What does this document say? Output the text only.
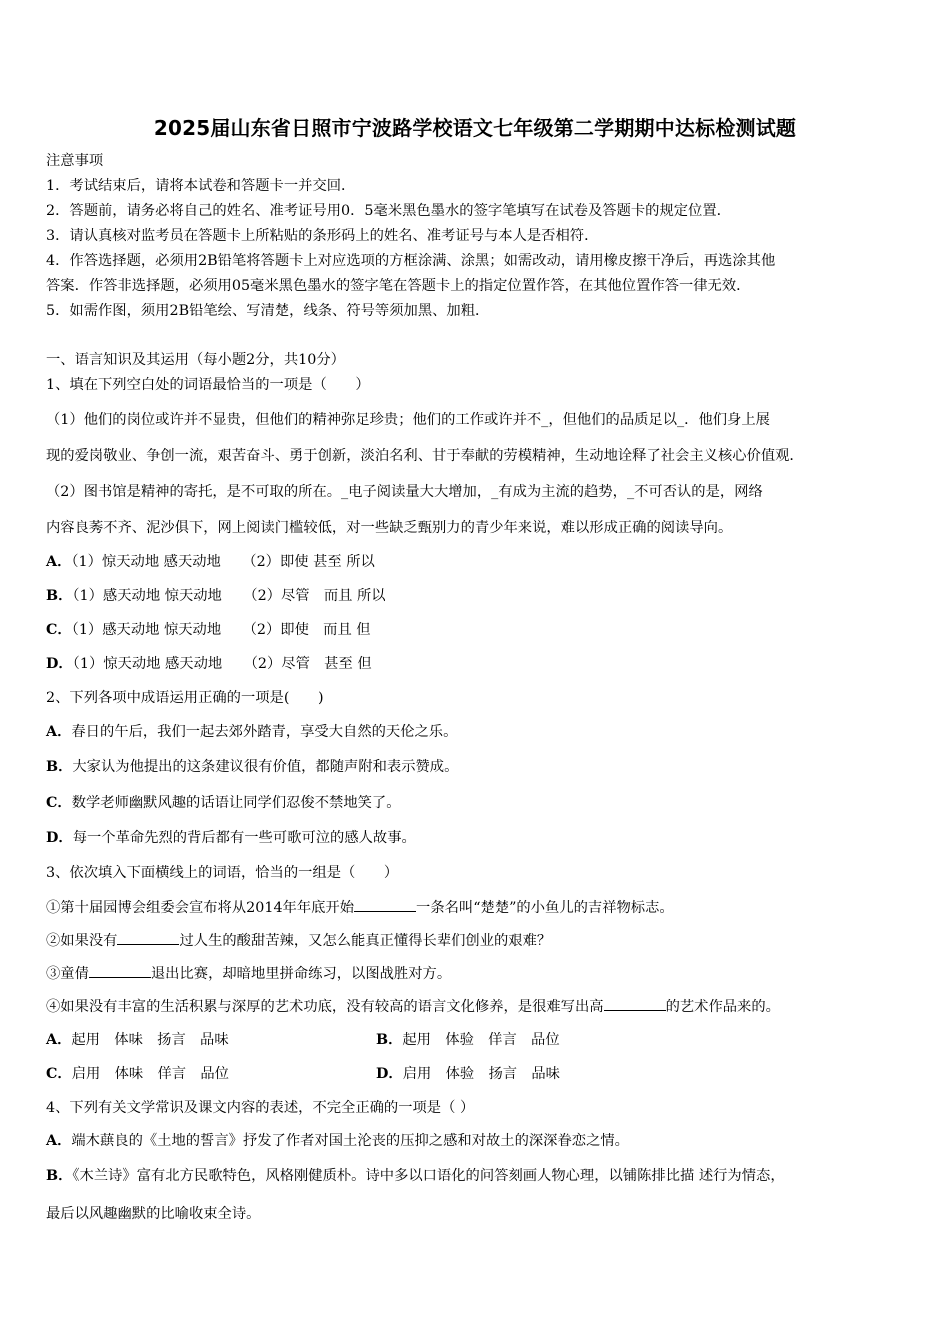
2025届山东省日照市宁波路学校语文七年级第二学期期中达标检测试题
注意事项
1．考试结束后，请将本试卷和答题卡一并交回．
2．答题前，请务必将自己的姓名、准考证号用0．5毫米黑色墨水的签字笔填写在试卷及答题卡的规定位置．
3．请认真核对监考员在答题卡上所粘贴的条形码上的姓名、准考证号与本人是否相符．
4．作答选择题，必须用2B铅笔将答题卡上对应选项的方框涂满、涂黑；如需改动，请用橡皮擦干净后，再选涂其他
答案．作答非选择题，必须用05毫米黑色墨水的签字笔在答题卡上的指定位置作答，在其他位置作答一律无效．
5．如需作图，须用2B铅笔绘、写清楚，线条、符号等须加黑、加粗．
一、语言知识及其运用（每小题2分，共10分）
1、填在下列空白处的词语最恰当的一项是（　　）
（1）他们的岗位或许并不显贵，但他们的精神弥足珍贵；他们的工作或许并不_，但他们的品质足以_．他们身上展
现的爱岗敬业、争创一流，艰苦奋斗、勇于创新，淡泊名利、甘于奉献的劳模精神，生动地诠释了社会主义核心价值观．
（2）图书馆是精神的寄托，是不可取的所在。_电子阅读量大大增加，_有成为主流的趋势，_不可否认的是，网络
内容良莠不齐、泥沙俱下，网上阅读门槛较低，对一些缺乏甄别力的青少年来说，难以形成正确的阅读导向。
A．（1）惊天动地 感天动地　　（2）即使 甚至 所以
B．（1）感天动地 惊天动地　　（2）尽管　而且 所以
C．（1）感天动地 惊天动地　　（2）即使　而且 但
D．（1）惊天动地 感天动地　　（2）尽管　甚至 但
2、下列各项中成语运用正确的一项是(　　)
A．春日的午后，我们一起去郊外踏青，享受大自然的天伦之乐。
B．大家认为他提出的这条建议很有价值，都随声附和表示赞成。
C．数学老师幽默风趣的话语让同学们忍俊不禁地笑了。
D．每一个革命先烈的背后都有一些可歌可泣的感人故事。
3、依次填入下面横线上的词语，恰当的一组是（　　）
①第十届园博会组委会宣布将从2014年年底开始	一条名叫“楚楚”的小鱼儿的吉祥物标志。
②如果没有	过人生的酸甜苦辣，又怎么能真正懂得长辈们创业的艰难？
③童倩	退出比赛，却暗地里拼命练习，以图战胜对方。
④如果没有丰富的生活积累与深厚的艺术功底，没有较高的语言文化修养，是很难写出高	的艺术作品来的。
A．起用　体味　扬言　品味	B．起用　体验　佯言　品位
C．启用　体味　佯言　品位	D．启用　体验　扬言　品味
4、下列有关文学常识及课文内容的表述，不完全正确的一项是（ ）
A．端木蕻良的《土地的誓言》抒发了作者对国土沦丧的压抑之感和对故土的深深眷恋之情。
B．《木兰诗》富有北方民歌特色，风格刚健质朴。诗中多以口语化的问答刻画人物心理，以铺陈排比描 述行为情态，
最后以风趣幽默的比喻收束全诗。
